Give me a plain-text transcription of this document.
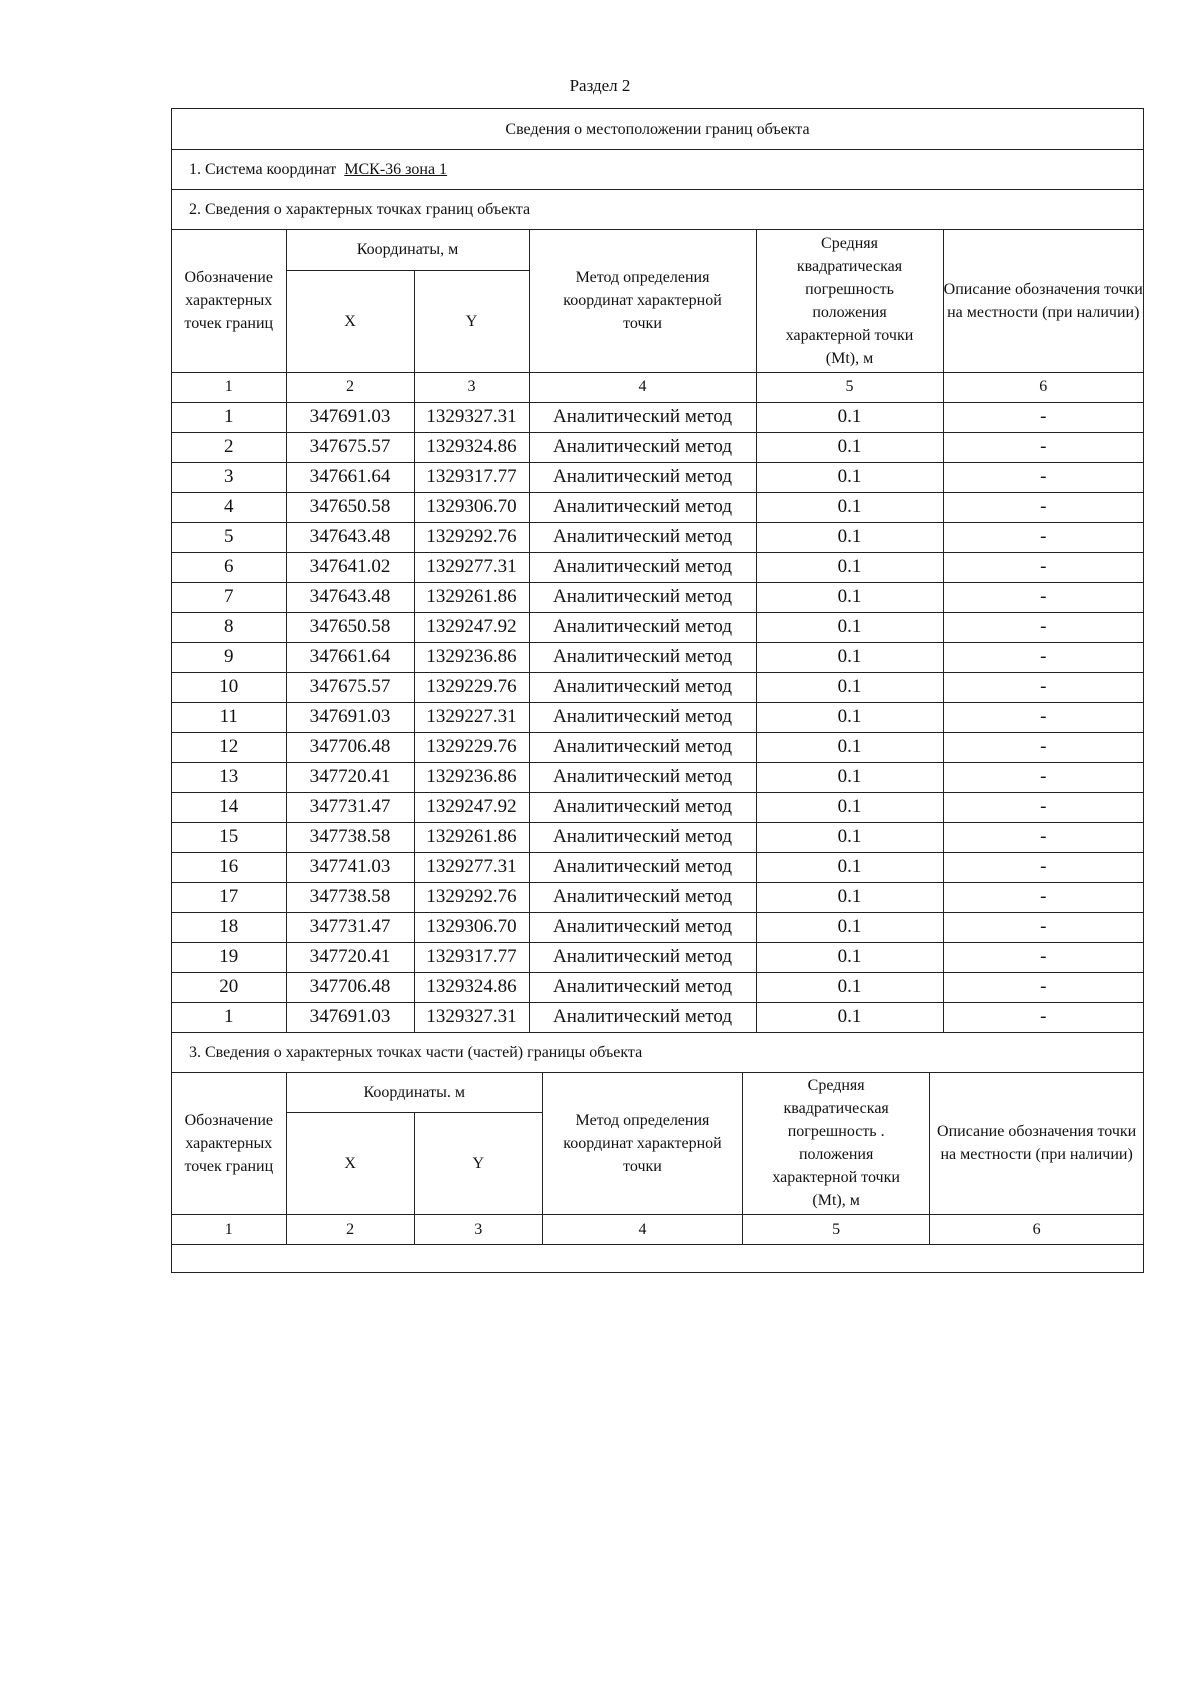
Раздел 2
Сведения о местоположении границ объекта
1. Система координат МСК-36 зона 1
2. Сведения о характерных точках границ объекта
Обозначение характерных точек границ	Координаты, м		Метод определения координат характерной точки	Средняя квадратическая погрешность положения характерной точки (Mt), м	Описание обозначения точки на местности (при наличии)
	X	Y			
1	2	3	4	5	6
1	347691.03	1329327.31	Аналитический метод	0.1	-
2	347675.57	1329324.86	Аналитический метод	0.1	-
3	347661.64	1329317.77	Аналитический метод	0.1	-
4	347650.58	1329306.70	Аналитический метод	0.1	-
5	347643.48	1329292.76	Аналитический метод	0.1	-
6	347641.02	1329277.31	Аналитический метод	0.1	-
7	347643.48	1329261.86	Аналитический метод	0.1	-
8	347650.58	1329247.92	Аналитический метод	0.1	-
9	347661.64	1329236.86	Аналитический метод	0.1	-
10	347675.57	1329229.76	Аналитический метод	0.1	-
11	347691.03	1329227.31	Аналитический метод	0.1	-
12	347706.48	1329229.76	Аналитический метод	0.1	-
13	347720.41	1329236.86	Аналитический метод	0.1	-
14	347731.47	1329247.92	Аналитический метод	0.1	-
15	347738.58	1329261.86	Аналитический метод	0.1	-
16	347741.03	1329277.31	Аналитический метод	0.1	-
17	347738.58	1329292.76	Аналитический метод	0.1	-
18	347731.47	1329306.70	Аналитический метод	0.1	-
19	347720.41	1329317.77	Аналитический метод	0.1	-
20	347706.48	1329324.86	Аналитический метод	0.1	-
1	347691.03	1329327.31	Аналитический метод	0.1	-
3. Сведения о характерных точках части (частей) границы объекта
Обозначение характерных точек границ	Координаты. м		Метод определения координат характерной точки	Средняя квадратическая погрешность . положения характерной точки (Mt), м	Описание обозначения точки на местности (при наличии)
	X	Y			
1	2	3	4	5	6
